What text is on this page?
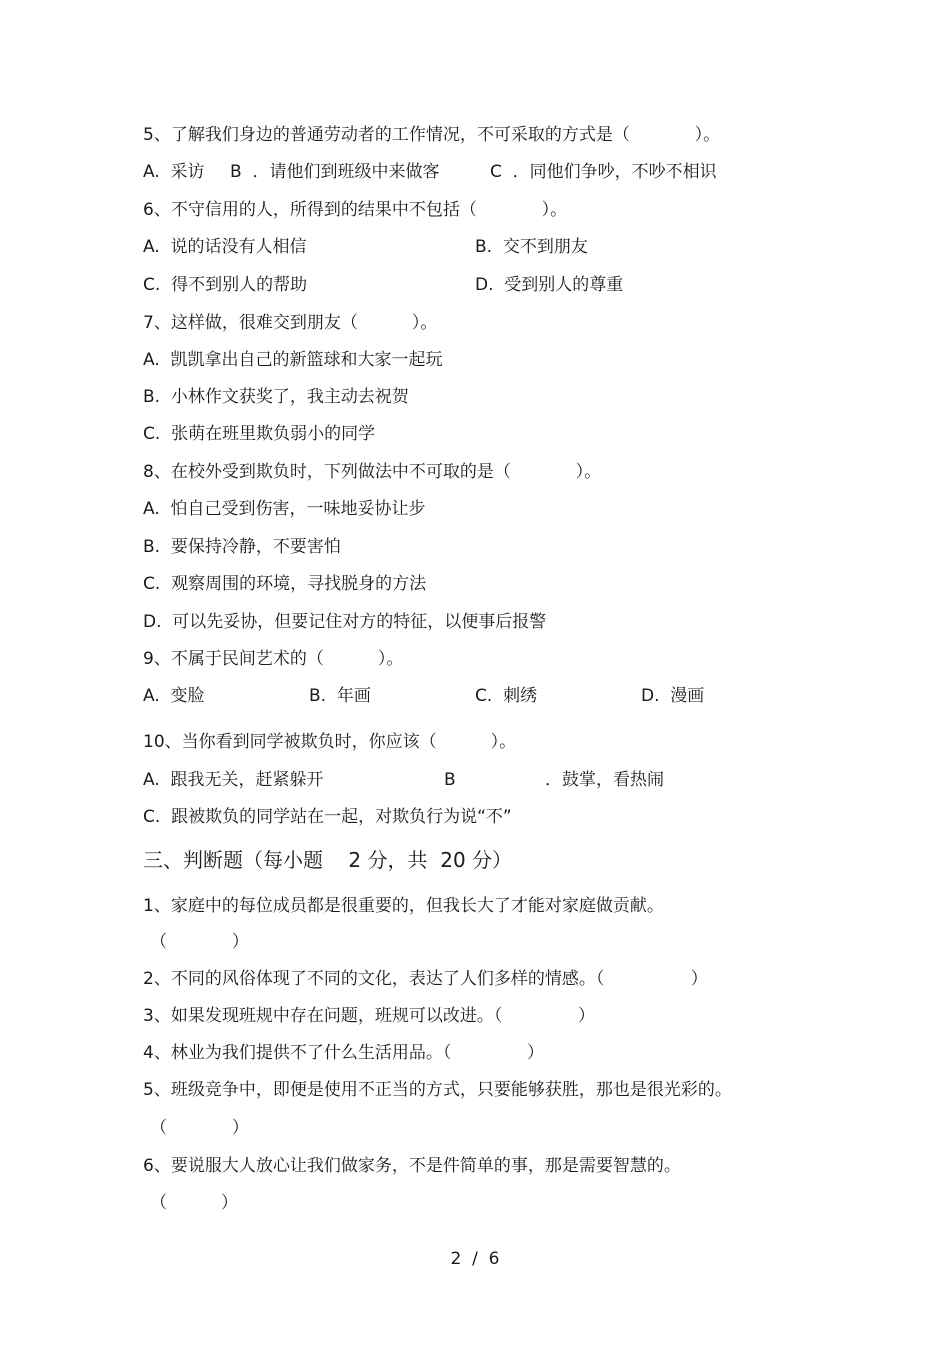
5、了解我们身边的普通劳动者的工作情况，不可采取的方式是（            ）。
A.  采访 B  ．请他们到班级中来做客	C  ．同他们争吵，不吵不相识
6、不守信用的人，所得到的结果中不包括（            ）。
A.  说的话没有人相信	B.  交不到朋友
C.  得不到别人的帮助	D.  受到别人的尊重
7、这样做，很难交到朋友（          ）。
A.  凯凯拿出自己的新篮球和大家一起玩
B.  小林作文获奖了，我主动去祝贺
C.  张萌在班里欺负弱小的同学
8、在校外受到欺负时，下列做法中不可取的是（            ）。
A.  怕自己受到伤害，一味地妥协让步
B.  要保持冷静，不要害怕
C.  观察周围的环境，寻找脱身的方法
D.  可以先妥协，但要记住对方的特征，以便事后报警
9、不属于民间艺术的（          ）。
A.  变脸	B.  年画	C.  刺绣	D.  漫画
10、当你看到同学被欺负时，你应该（          ）。
A.  跟我无关，赶紧躲开	B	．鼓掌，看热闹
C.  跟被欺负的同学站在一起，对欺负行为说“不”
三、判断题（每小题    2 分，共  20 分）
1、家庭中的每位成员都是很重要的，但我长大了才能对家庭做贡献。
（            ）
2、不同的风俗体现了不同的文化，表达了人们多样的情感。（                ）
3、如果发现班规中存在问题，班规可以改进。（              ）
4、林业为我们提供不了什么生活用品。（              ）
5、班级竞争中，即便是使用不正当的方式，只要能够获胜，那也是很光彩的。
（            ）
6、要说服大人放心让我们做家务，不是件简单的事，那是需要智慧的。
（          ）
2  /  6
